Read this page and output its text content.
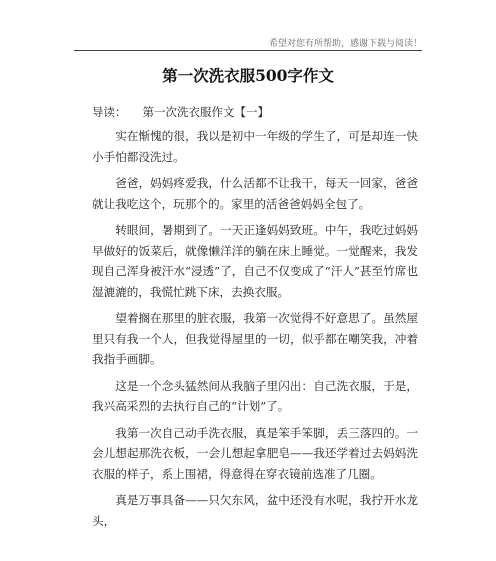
希望对您有所帮助，感谢下载与阅读！
第一次洗衣服500字作文
导读： 第一次洗衣服作文【一】

实在惭愧的很，我以是初中一年级的学生了，可是却连一快小手怕都没洗过。

爸爸，妈妈疼爱我，什么活都不让我干，每天一回家，爸爸就让我吃这个，玩那个的。家里的活爸爸妈妈全包了。

转眼间，暑期到了。一天正逢妈妈致班。中午，我吃过妈妈早做好的饭菜后，就像懒洋洋的躺在床上睡觉。一觉醒来，我发现自己浑身被汗水“浸透”了，自己不仅变成了“汗人”甚至竹席也湿漉漉的，我慌忙跳下床，去换衣服。

望着搁在那里的脏衣服，我第一次觉得不好意思了。虽然屋里只有我一个人，但我觉得屋里的一切，似乎都在嘲笑我，冲着我指手画脚。

这是一个念头猛然间从我脑子里闪出：自己洗衣服，于是，我兴高采烈的去执行自己的“计划”了。

我第一次自己动手洗衣服，真是笨手笨脚，丢三落四的。一会儿想起那洗衣板，一会儿想起拿肥皂——我还学着过去妈妈洗衣服的样子，系上围裙，得意得在穿衣镜前选准了几圈。

真是万事具备——只欠东风，盆中还没有水呢，我拧开水龙头，
